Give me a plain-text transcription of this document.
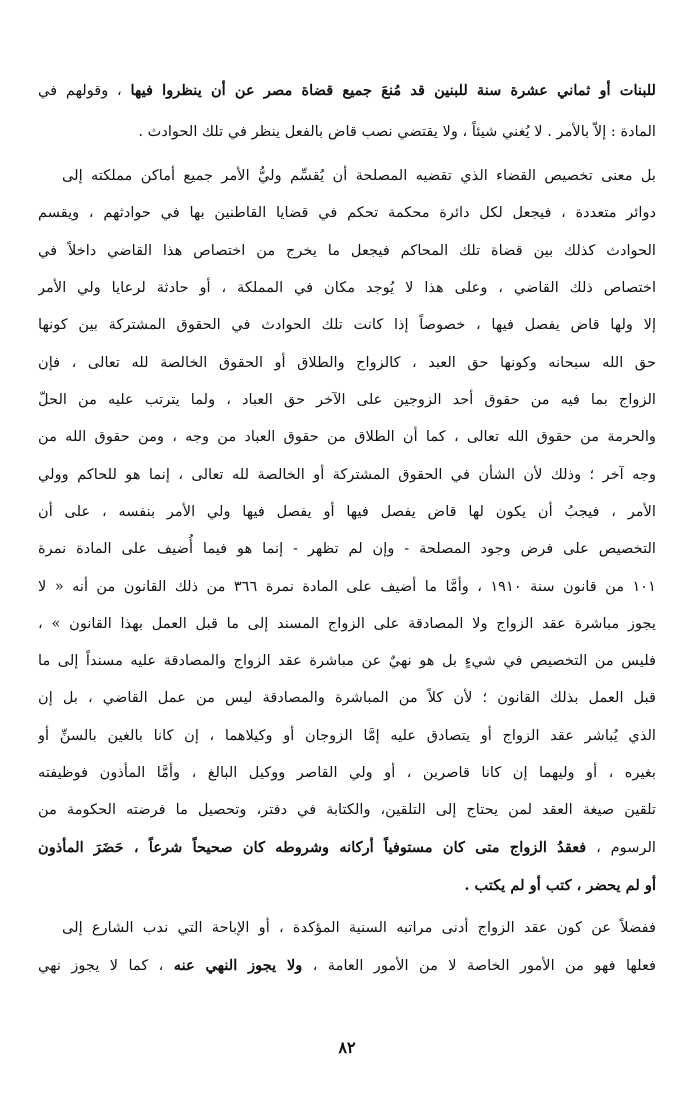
للبنات أو ثماني عشرة سنة للبنين قد مُنعَ جميع قضاة مصر عن أن ينظروا فيها ، وقولهم في
المادة : إلاّ بالأمر . لا يُغني شيئاً ، ولا يقتضي نصب قاض بالفعل ينظر في تلك الحوادث .
بل معنى تخصيص القضاء الذي تقضيه المصلحة أن يُقسِّم وليُّ الأمر جميع أماكن مملكته إلى
دوائر متعددة ، فيجعل لكل دائرة محكمة تحكم في قضايا القاطنين بها في حوادثهم ، ويقسم
الحوادث كذلك بين قضاة تلك المحاكم فيجعل ما يخرج من اختصاص هذا القاضي داخلاً في
اختصاص ذلك القاضي ، وعلى هذا لا يُوجد مكان في المملكة ، أو حادثة لرعايا ولي الأمر
إلا ولها قاض يفصل فيها ، خصوصاً إذا كانت تلك الحوادث في الحقوق المشتركة بين كونها
حق الله سبحانه وكونها حق العبد ، كالزواج والطلاق أو الحقوق الخالصة لله تعالى ، فإن
الزواج بما فيه من حقوق أحد الزوجين على الآخر حق العباد ، ولما يترتب عليه من الحلّ
والحرمة من حقوق الله تعالى ، كما أن الطلاق من حقوق العباد من وجه ، ومن حقوق الله من
وجه آخر ؛ وذلك لأن الشأن في الحقوق المشتركة أو الخالصة لله تعالى ، إنما هو للحاكم وولي
الأمر ، فيجبُ أن يكون لها قاض يفصل فيها أو يفصل فيها ولي الأمر بنفسه ، على أن
التخصيص على فرض وجود المصلحة - وإن لم تظهر - إنما هو فيما أُضيف على المادة نمرة
١٠١ من قانون سنة ١٩١٠ ، وأمَّا ما أضيف على المادة نمرة ٣٦٦ من ذلك القانون من أنه « لا
يجوز مباشرة عقد الزواج ولا المصادقة على الزواج المسند إلى ما قبل العمل بهذا القانون » ،
فليس من التخصيص في شيءٍ بل هو نهيٌ عن مباشرة عقد الزواج والمصادقة عليه مسنداً إلى ما
قبل العمل بذلك القانون ؛ لأن كلاً من المباشرة والمصادقة ليس من عمل القاضي ، بل إن
الذي يُباشر عقد الزواج أو يتصادق عليه إمَّا الزوجان أو وكيلاهما ، إن كانا بالغين بالسنِّ أو
بغيره ، أو وليهما إن كانا قاصرين ، أو ولي القاصر ووكيل البالغ ، وأمَّا المأذون فوظيفته
تلقين صيغة العقد لمن يحتاج إلى التلقين، والكتابة في دفتر، وتحصيل ما فرضته الحكومة من
الرسوم ، فعقدُ الزواج متى كان مستوفياً أركانه وشروطه كان صحيحاً شرعاً ، حَضَرَ المأذون
أو لم يحضر ، كتب أو لم يكتب .
ففضلاً عن كون عقد الزواج أدنى مراتبه السنية المؤكدة ، أو الإباحة التي ندب الشارع إلى
فعلها فهو من الأمور الخاصة لا من الأمور العامة ، ولا يجوز النهي عنه ، كما لا يجوز نهي
٨٢
